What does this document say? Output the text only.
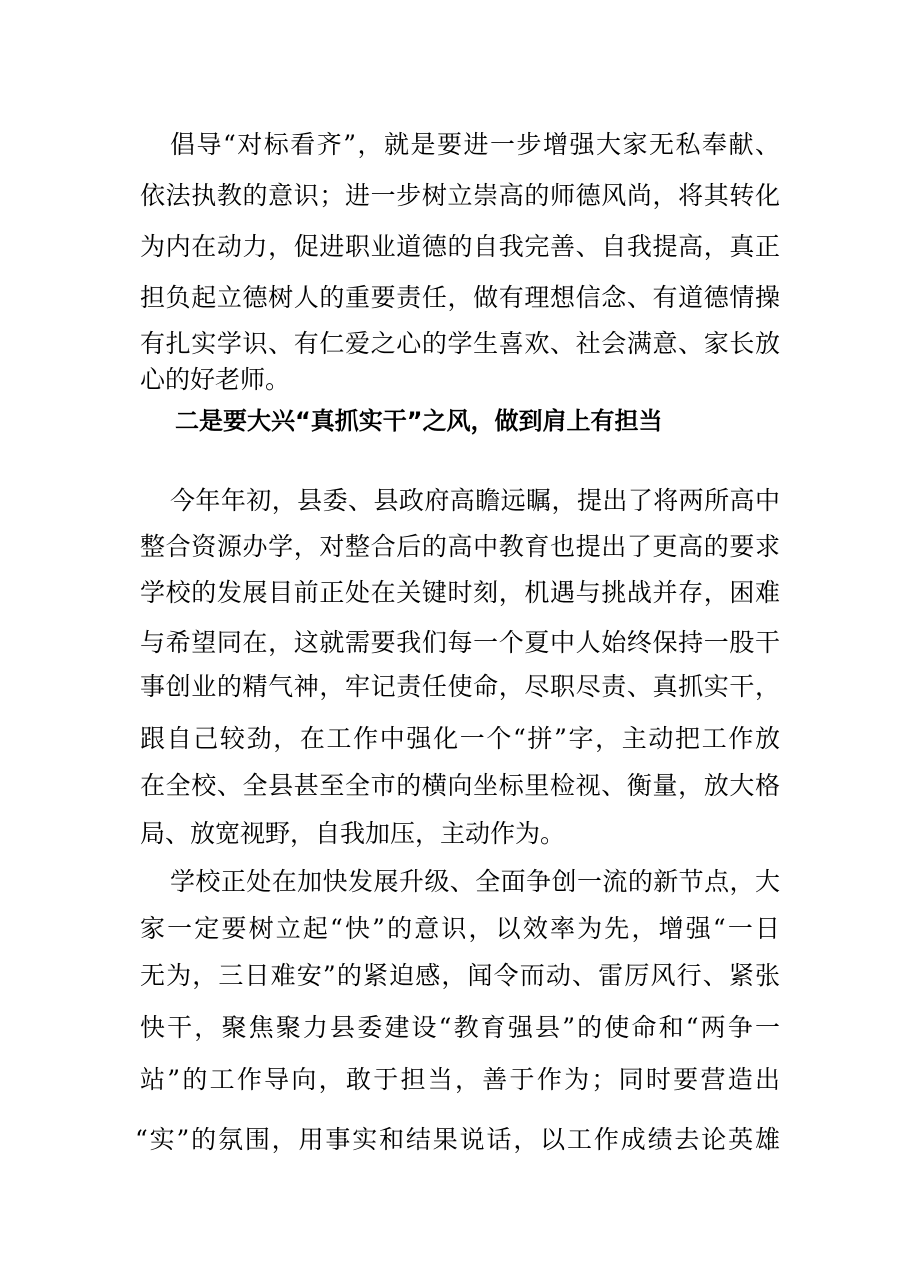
倡导“对标看齐”，就是要进一步增强大家无私奉献、
依法执教的意识；进一步树立崇高的师德风尚，将其转化
为内在动力，促进职业道德的自我完善、自我提高，真正
担负起立德树人的重要责任，做有理想信念、有道德情操
有扎实学识、有仁爱之心的学生喜欢、社会满意、家长放
心的好老师。
二是要大兴“真抓实干”之风，做到肩上有担当
今年年初，县委、县政府高瞻远瞩，提出了将两所高中
整合资源办学，对整合后的高中教育也提出了更高的要求
学校的发展目前正处在关键时刻，机遇与挑战并存，困难
与希望同在，这就需要我们每一个夏中人始终保持一股干
事创业的精气神，牢记责任使命，尽职尽责、真抓实干，
跟自己较劲，在工作中强化一个“拼”字，主动把工作放
在全校、全县甚至全市的横向坐标里检视、衡量，放大格
局、放宽视野，自我加压，主动作为。
学校正处在加快发展升级、全面争创一流的新节点，大
家一定要树立起“快”的意识，以效率为先，增强“一日
无为，三日难安”的紧迫感，闻令而动、雷厉风行、紧张
快干，聚焦聚力县委建设“教育强县”的使命和“两争一
站”的工作导向，敢于担当，善于作为；同时要营造出
“实”的氛围，用事实和结果说话，以工作成绩去论英雄
